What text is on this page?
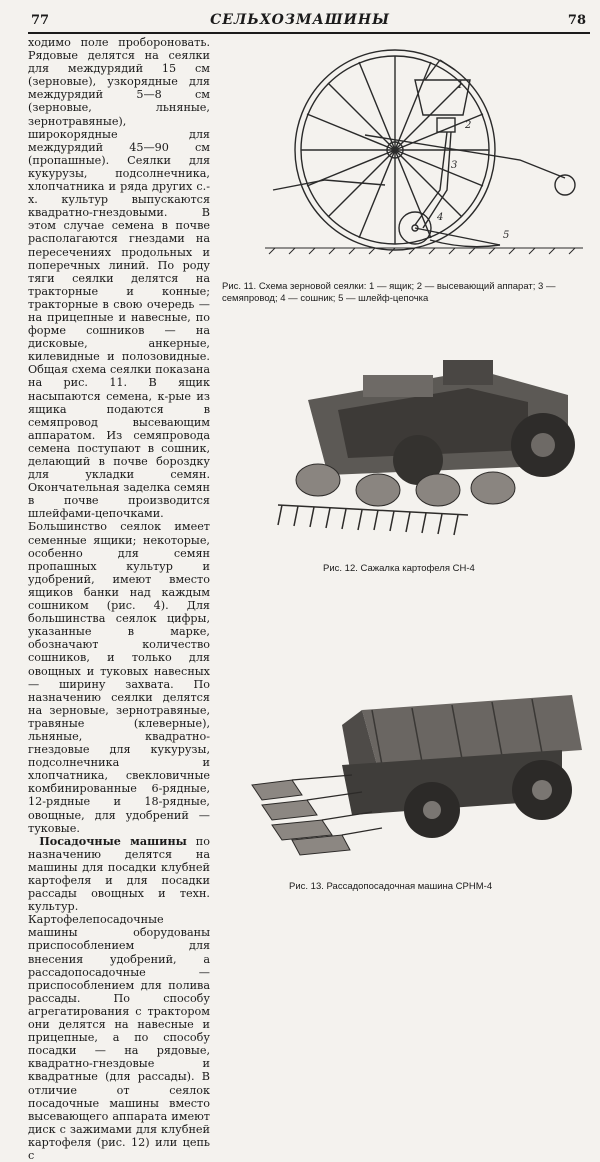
77	СЕЛЬХОЗМАШИНЫ	78

ходимо поле пробороновать. Рядовые делятся на сеялки для междурядий 15 см (зерновые), узкорядные для междурядий 5—8 см (зерновые, льняные, зернотравяные), широкорядные для междурядий 45—90 см (пропашные). Сеялки для кукурузы, подсолнечника, хлопчатника и ряда других с.-х. культур выпускаются квадратно-гнездовыми. В этом случае семена в почве располагаются гнездами на пересечениях продольных и поперечных линий. По роду тяги сеялки делятся на тракторные и конные; тракторные в свою очередь — на прицепные и навесные, по форме сошников — на дисковые, анкерные, килевидные и полозовидные. Общая схема сеялки показана на рис. 11. В ящик насыпаются семена, к-рые из ящика подаются в семяпровод высевающим аппаратом. Из семяпровода семена поступают в сошник, делающий в почве бороздку для укладки семян. Окончательная заделка семян в почве производится шлейфами-цепочками. Большинство сеялок имеет семенные ящики; некоторые, особенно для семян пропашных культур и удобрений, имеют вместо ящиков банки над каждым сошником (рис. 4). Для большинства сеялок цифры, указанные в марке, обозначают количество сошников, и только для овощных и туковых навесных — ширину захвата. По назначению сеялки делятся на зерновые, зернотравяные, травяные (клеверные), льняные, квадратно-гнездовые для кукурузы, подсолнечника и хлопчатника, свекловичные комбинированные 6-рядные, 12-рядные и 18-рядные, овощные, для удобрений — туковые.

 Посадочные машины по назначению делятся на машины для посадки клубней картофеля и для посадки рассады овощных и техн. культур. Картофелепосадочные машины оборудованы приспособлением для внесения удобрений, а рассадопосадочные — приспособлением для полива рассады. По способу агрегатирования с трактором они делятся на навесные и прицепные, а по способу посадки — на рядовые, квадратно-гнездовые и квадратные (для рассады). В отличие от сеялок посадочные машины вместо высевающего аппарата имеют диск с зажимами для клубней картофеля (рис. 12) или цепь с

1
2
3
4
5
Рис. 11. Схема зерновой сеялки: 1 — ящик; 2 — высевающий аппарат; 3 — семяпровод; 4 — сошник; 5 — шлейф-цепочка
Рис. 12. Сажалка картофеля СН-4
Рис. 13. Рассадопосадочная машина СРНМ-4
